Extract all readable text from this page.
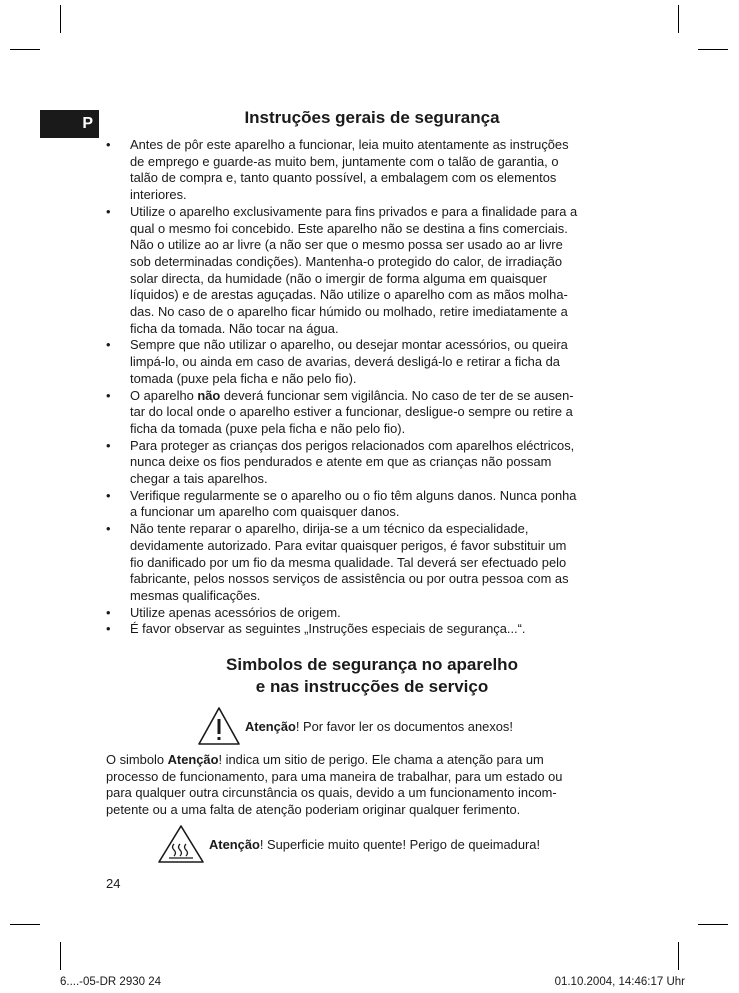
P	Instruções gerais de segurança
• Antes de pôr este aparelho a funcionar, leia muito atentamente as instruções
de emprego e guarde-as muito bem, juntamente com o talão de garantia, o
talão de compra e, tanto quanto possível, a embalagem com os elementos
interiores.
• Utilize o aparelho exclusivamente para fins privados e para a finalidade para a
qual o mesmo foi concebido. Este aparelho não se destina a fins comerciais.
Não o utilize ao ar livre (a não ser que o mesmo possa ser usado ao ar livre
sob determinadas condições). Mantenha-o protegido do calor, de irradiação
solar directa, da humidade (não o imergir de forma alguma em quaisquer
líquidos) e de arestas aguçadas. Não utilize o aparelho com as mãos molha-
das. No caso de o aparelho ficar húmido ou molhado, retire imediatamente a
ficha da tomada. Não tocar na água.
• Sempre que não utilizar o aparelho, ou desejar montar acessórios, ou queira
limpá-lo, ou ainda em caso de avarias, deverá desligá-lo e retirar a ficha da
tomada (puxe pela ficha e não pelo fio).
• O aparelho não deverá funcionar sem vigilância. No caso de ter de se ausen-
tar do local onde o aparelho estiver a funcionar, desligue-o sempre ou retire a
ficha da tomada (puxe pela ficha e não pelo fio).
• Para proteger as crianças dos perigos relacionados com aparelhos eléctricos,
nunca deixe os fios pendurados e atente em que as crianças não possam
chegar a tais aparelhos.
• Verifique regularmente se o aparelho ou o fio têm alguns danos. Nunca ponha
a funcionar um aparelho com quaisquer danos.
• Não tente reparar o aparelho, dirija-se a um técnico da especialidade,
devidamente autorizado. Para evitar quaisquer perigos, é favor substituir um
fio danificado por um fio da mesma qualidade. Tal deverá ser efectuado pelo
fabricante, pelos nossos serviços de assistência ou por outra pessoa com as
mesmas qualificações.
• Utilize apenas acessórios de origem.
• É favor observar as seguintes „Instruções especiais de segurança...“.
Simbolos de segurança no aparelho
e nas instrucções de serviço
Atenção! Por favor ler os documentos anexos!

O simbolo Atenção! indica um sitio de perigo. Ele chama a atenção para um
processo de funcionamento, para uma maneira de trabalhar, para um estado ou
para qualquer outra circunstância os quais, devido a um funcionamento incom-
petente ou a uma falta de atenção poderiam originar qualquer ferimento.

Atenção! Superficie muito quente! Perigo de queimadura!
24
6....-05-DR 2930 24	01.10.2004, 14:46:17 Uhr
